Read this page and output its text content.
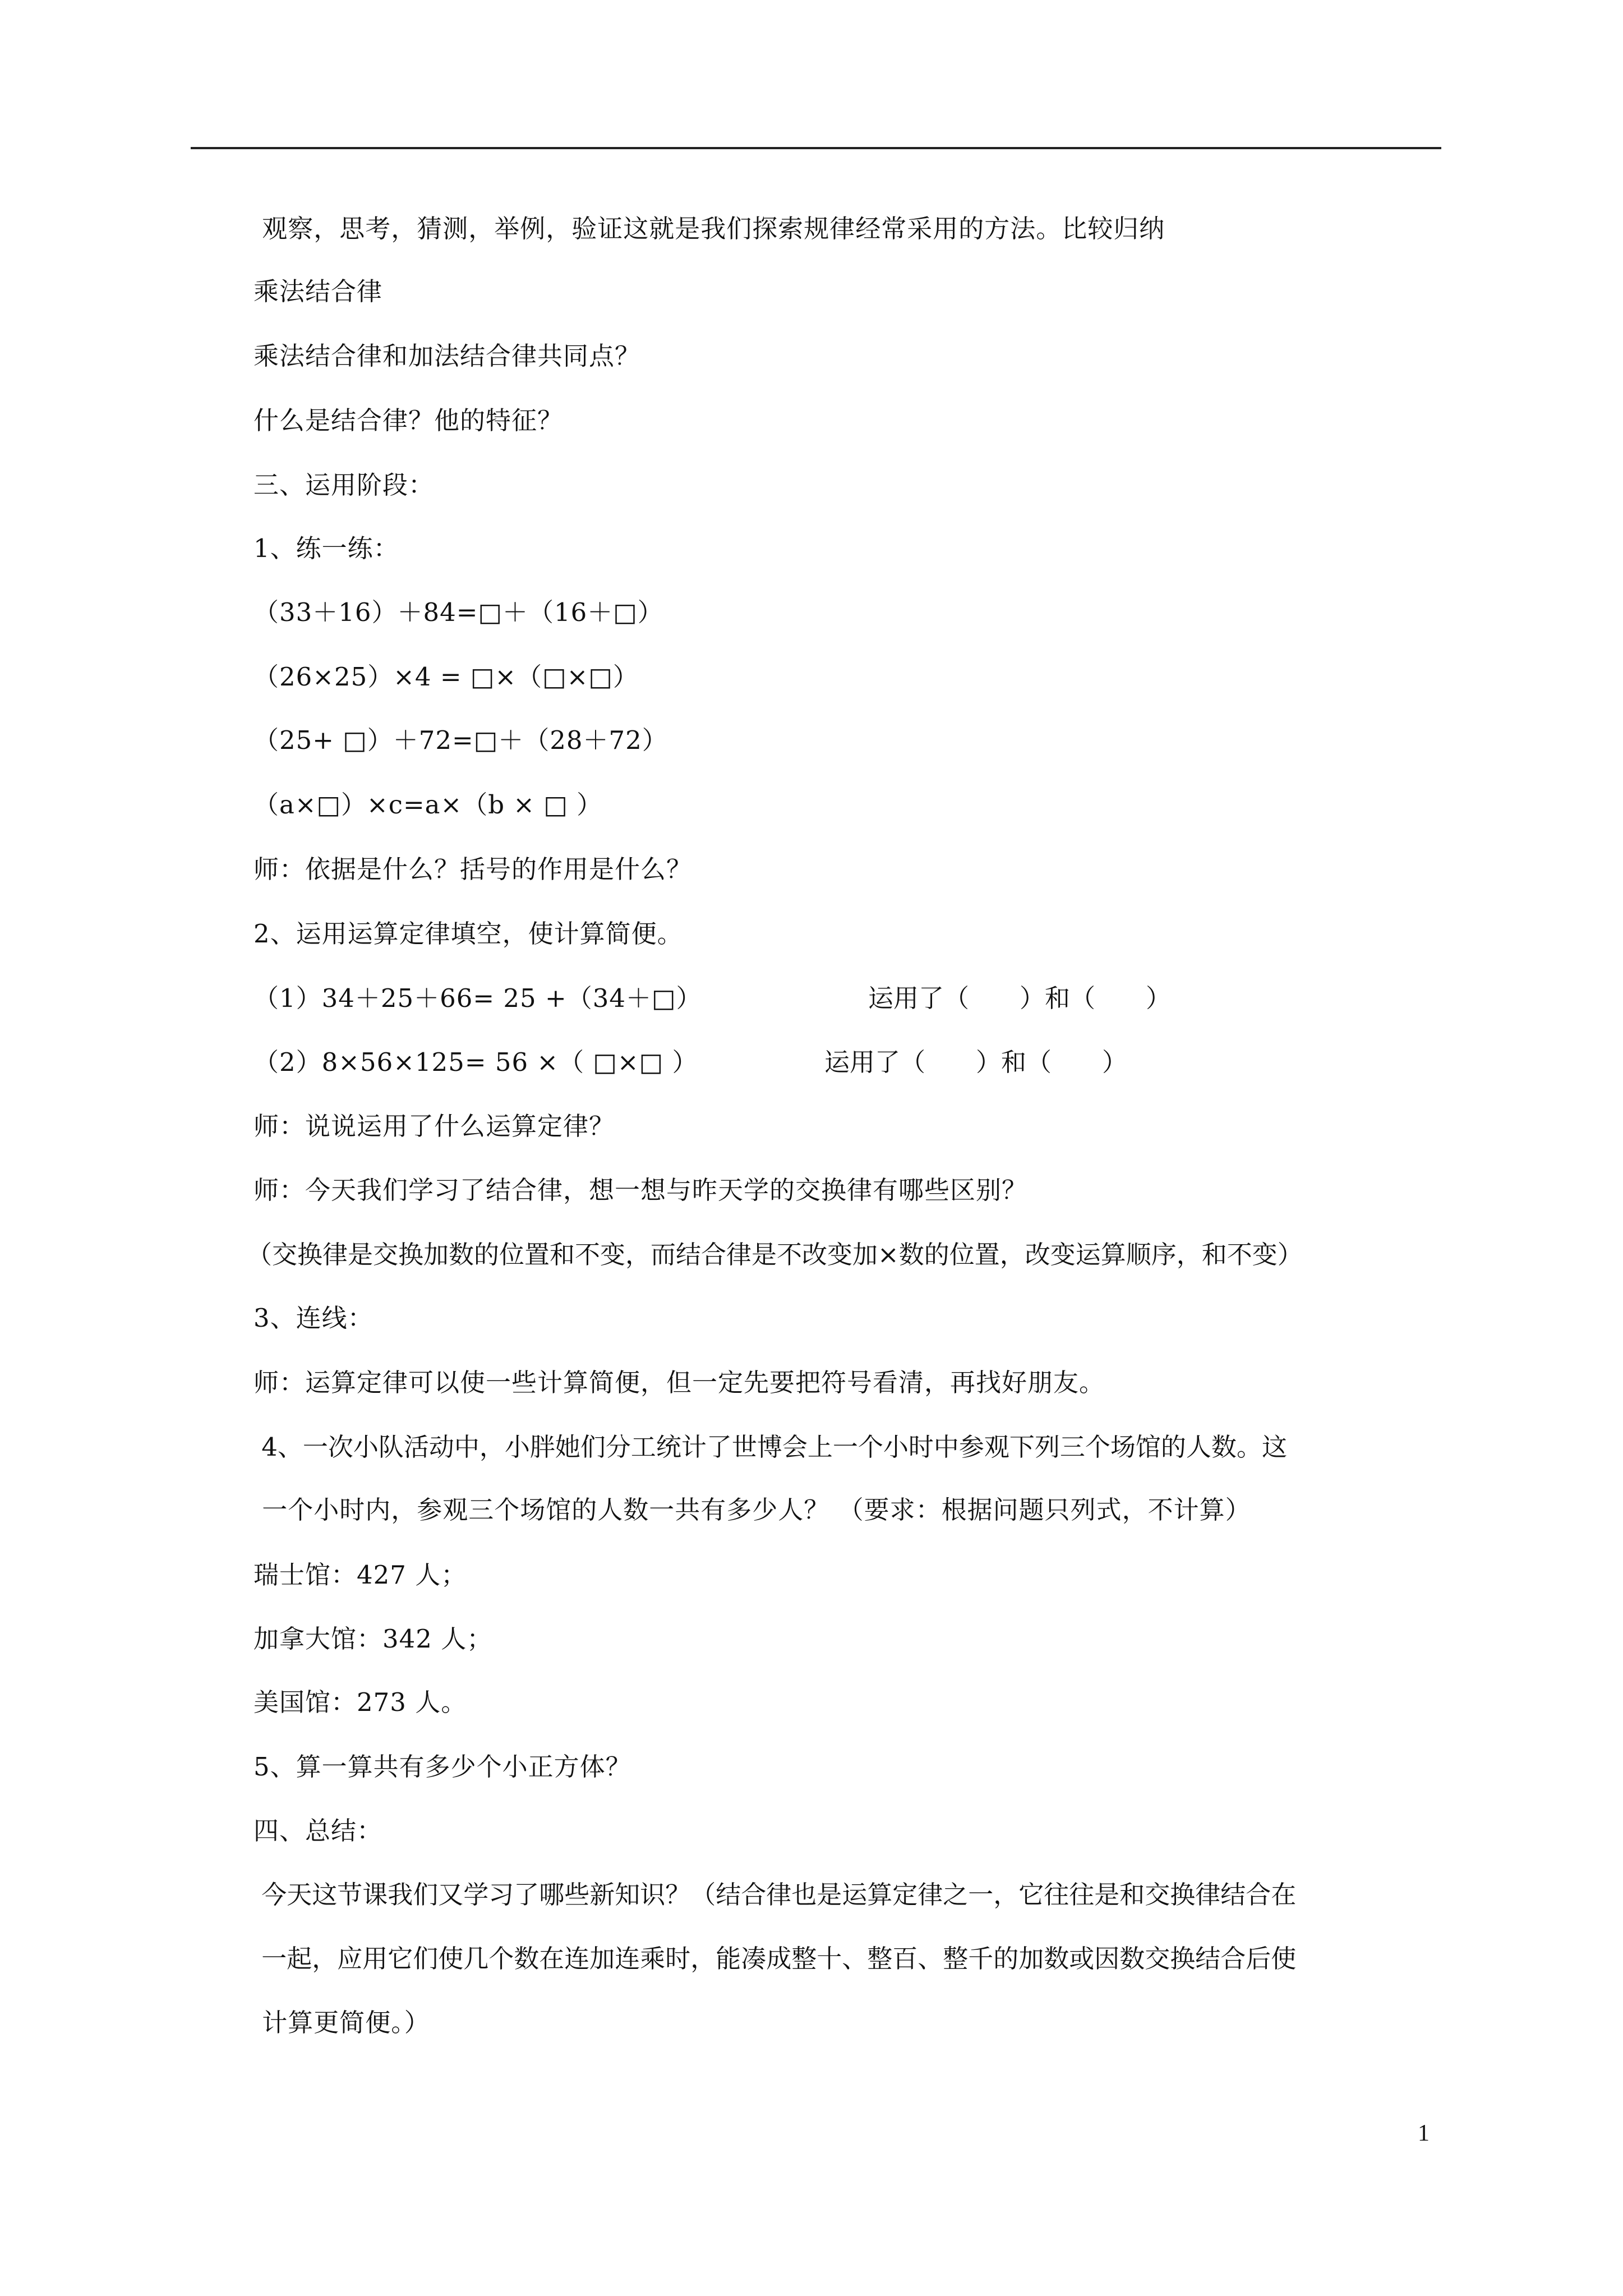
观察，思考，猜测，举例，验证这就是我们探索规律经常采用的方法。比较归纳
乘法结合律
乘法结合律和加法结合律共同点？
什么是结合律？他的特征？
三、运用阶段：
1、练一练：
（33＋16）＋84=□＋（16＋□）
（26×25）×4 = □×（□×□）
（25+ □）＋72=□＋（28＋72）
（a×□）×c=a×（b × □ ）
师：依据是什么？括号的作用是什么？
2、运用运算定律填空，使计算简便。
（1）34＋25＋66= 25 +（34＋□）	运用了（　　）和（　　）
（2）8×56×125= 56 ×（ □×□ ）	运用了（　　）和（　　）
师：说说运用了什么运算定律？
师：今天我们学习了结合律，想一想与昨天学的交换律有哪些区别？
（交换律是交换加数的位置和不变，而结合律是不改变加×数的位置，改变运算顺序，和不变）
3、连线：
师：运算定律可以使一些计算简便，但一定先要把符号看清，再找好朋友。
4、一次小队活动中，小胖她们分工统计了世博会上一个小时中参观下列三个场馆的人数。这
一个小时内，参观三个场馆的人数一共有多少人？ （要求：根据问题只列式，不计算）
瑞士馆：427 人；
加拿大馆：342 人；
美国馆：273 人。
5、算一算共有多少个小正方体？
四、总结：
今天这节课我们又学习了哪些新知识？（结合律也是运算定律之一，它往往是和交换律结合在
一起，应用它们使几个数在连加连乘时，能凑成整十、整百、整千的加数或因数交换结合后使
计算更简便。）
1
